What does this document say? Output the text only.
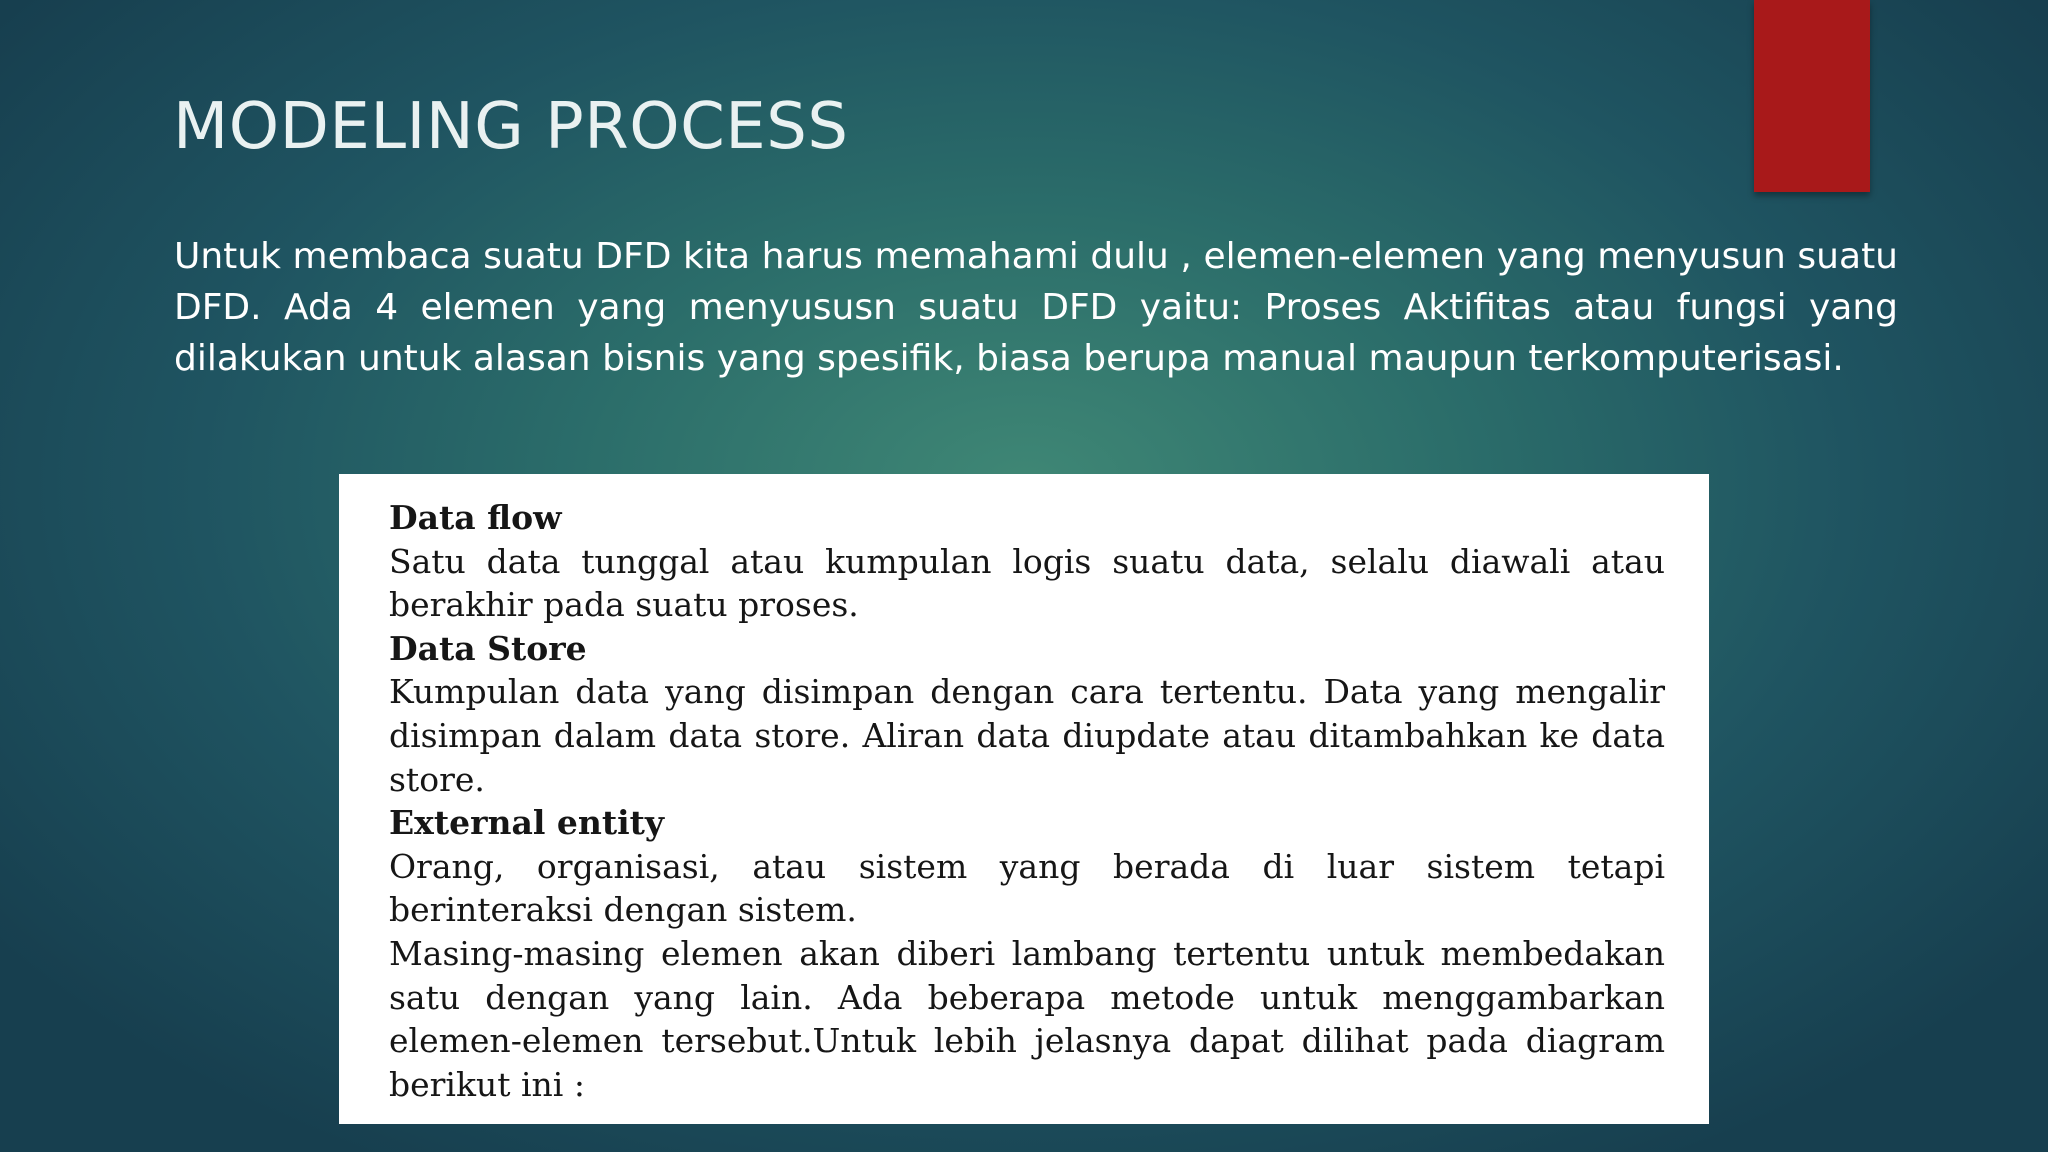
MODELING PROCESS

Untuk membaca suatu DFD kita harus memahami dulu , elemen-elemen yang menyusun suatu DFD. Ada 4 elemen yang menyususn suatu DFD yaitu: Proses Aktifitas atau fungsi yang dilakukan untuk alasan bisnis yang spesifik, biasa berupa manual maupun terkomputerisasi.

Data flow

Satu data tunggal atau kumpulan logis suatu data, selalu diawali atau berakhir pada suatu proses.

Data Store

Kumpulan data yang disimpan dengan cara tertentu. Data yang mengalir disimpan dalam data store. Aliran data diupdate atau ditambahkan ke data store.

External entity

Orang, organisasi, atau sistem yang berada di luar sistem tetapi berinteraksi dengan sistem.

Masing-masing elemen akan diberi lambang tertentu untuk membedakan satu dengan yang lain. Ada beberapa metode untuk menggambarkan elemen-elemen tersebut.Untuk lebih jelasnya dapat dilihat pada diagram berikut ini :
